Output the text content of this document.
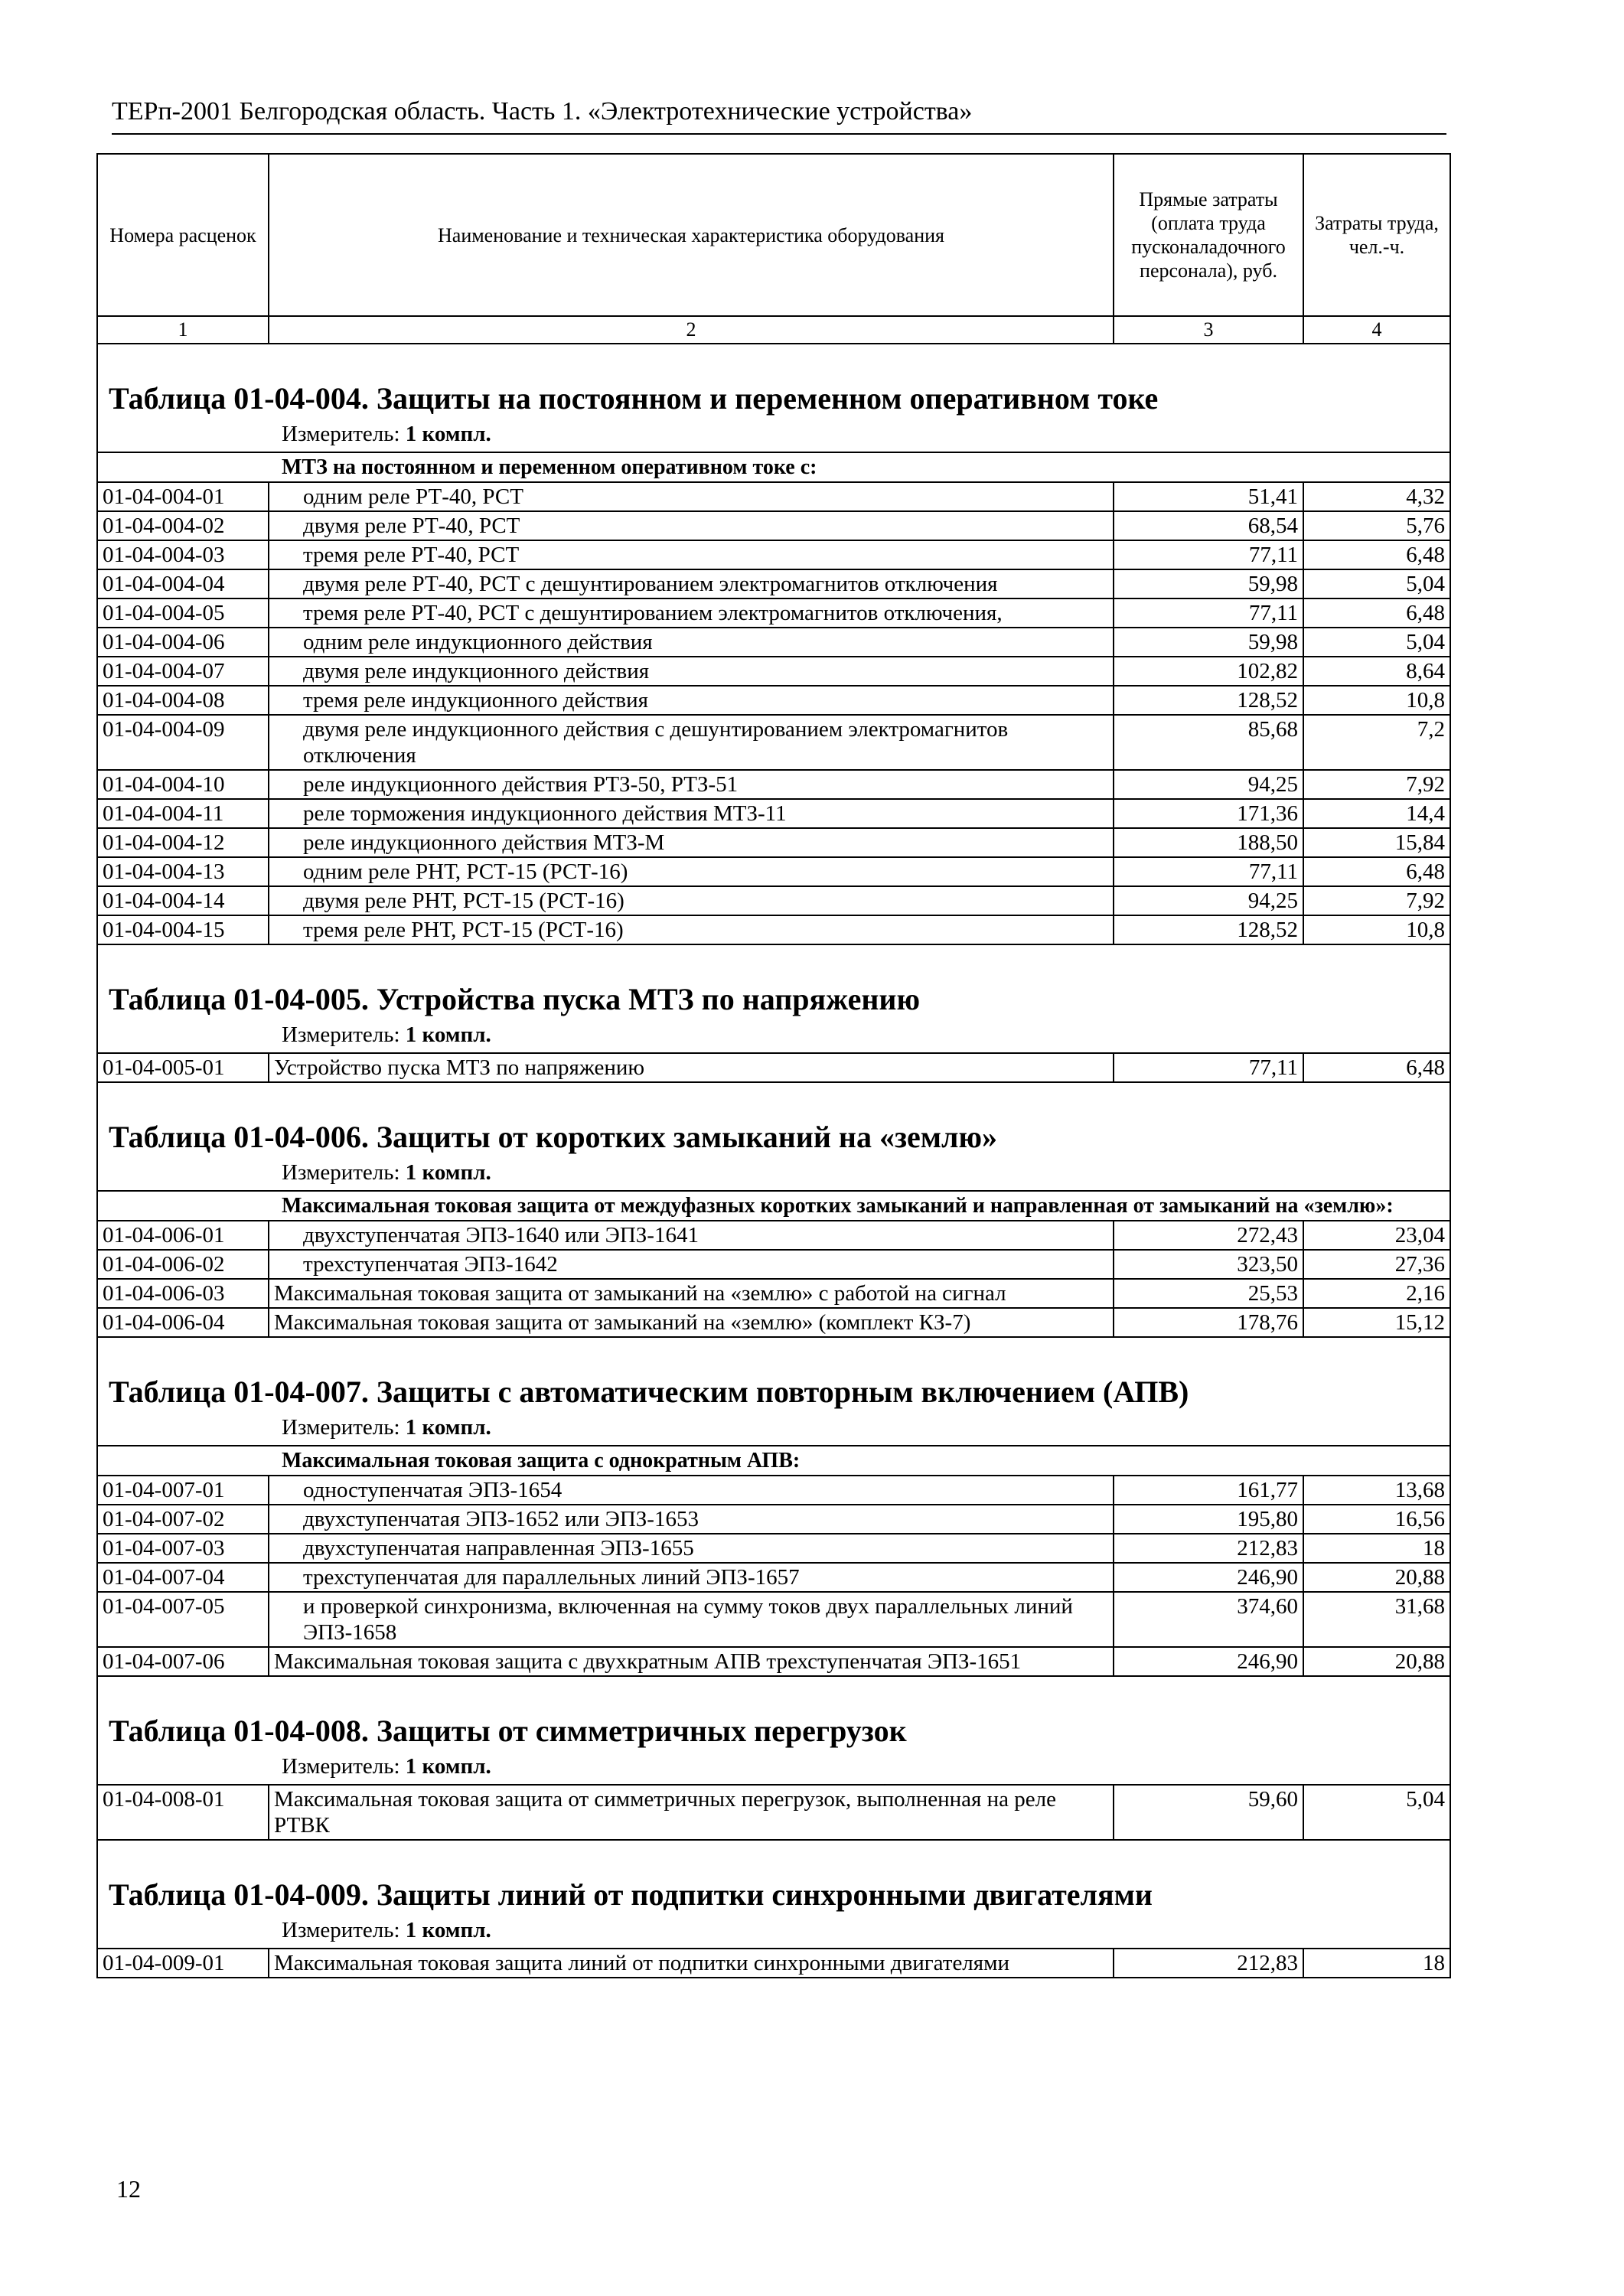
ТЕРп-2001 Белгородская область. Часть 1. «Электротехнические устройства»
Номера расценок	Наименование и техническая характеристика оборудования	Прямые затраты (оплата труда пусконаладочного персонала), руб.	Затраты труда, чел.-ч.
1	2	3	4
Таблица 01-04-004. Защиты на постоянном и переменном оперативном токе			
Измеритель: 1 компл.			
МТЗ на постоянном и переменном оперативном токе с:			
01-04-004-01	одним реле РТ-40, РСТ	51,41	4,32
01-04-004-02	двумя реле РТ-40, РСТ	68,54	5,76
01-04-004-03	тремя реле РТ-40, РСТ	77,11	6,48
01-04-004-04	двумя реле РТ-40, РСТ с дешунтированием электромагнитов отключения	59,98	5,04
01-04-004-05	тремя реле РТ-40, РСТ с дешунтированием электромагнитов отключения,	77,11	6,48
01-04-004-06	одним реле индукционного действия	59,98	5,04
01-04-004-07	двумя реле индукционного действия	102,82	8,64
01-04-004-08	тремя реле индукционного действия	128,52	10,8
01-04-004-09	двумя реле индукционного действия с дешунтированием электромагнитов отключения	85,68	7,2
01-04-004-10	реле индукционного действия РТЗ-50, РТЗ-51	94,25	7,92
01-04-004-11	реле торможения индукционного действия МТЗ-11	171,36	14,4
01-04-004-12	реле индукционного действия МТЗ-М	188,50	15,84
01-04-004-13	одним реле РНТ, РСТ-15 (РСТ-16)	77,11	6,48
01-04-004-14	двумя реле РНТ, РСТ-15 (РСТ-16)	94,25	7,92
01-04-004-15	тремя реле РНТ, РСТ-15 (РСТ-16)	128,52	10,8
Таблица 01-04-005. Устройства пуска МТЗ по напряжению			
Измеритель: 1 компл.			
01-04-005-01	Устройство пуска МТЗ по напряжению	77,11	6,48
Таблица 01-04-006. Защиты от коротких замыканий на «землю»			
Измеритель: 1 компл.			
Максимальная токовая защита от междуфазных коротких замыканий и направленная от замыканий на «землю»:			
01-04-006-01	двухступенчатая ЭПЗ-1640 или ЭПЗ-1641	272,43	23,04
01-04-006-02	трехступенчатая ЭПЗ-1642	323,50	27,36
01-04-006-03	Максимальная токовая защита от замыканий на «землю» с работой на сигнал	25,53	2,16
01-04-006-04	Максимальная токовая защита от замыканий на «землю» (комплект КЗ-7)	178,76	15,12
Таблица 01-04-007. Защиты с автоматическим повторным включением (АПВ)			
Измеритель: 1 компл.			
Максимальная токовая защита с однократным АПВ:			
01-04-007-01	одноступенчатая ЭПЗ-1654	161,77	13,68
01-04-007-02	двухступенчатая ЭПЗ-1652 или ЭПЗ-1653	195,80	16,56
01-04-007-03	двухступенчатая направленная ЭПЗ-1655	212,83	18
01-04-007-04	трехступенчатая для параллельных линий ЭПЗ-1657	246,90	20,88
01-04-007-05	и проверкой синхронизма, включенная на сумму токов двух параллельных линий ЭПЗ-1658	374,60	31,68
01-04-007-06	Максимальная токовая защита с двухкратным АПВ трехступенчатая ЭПЗ-1651	246,90	20,88
Таблица 01-04-008. Защиты от симметричных перегрузок			
Измеритель: 1 компл.			
01-04-008-01	Максимальная токовая защита от симметричных перегрузок, выполненная на реле РТВК	59,60	5,04
Таблица 01-04-009. Защиты линий от подпитки синхронными двигателями			
Измеритель: 1 компл.			
01-04-009-01	Максимальная токовая защита линий от подпитки синхронными двигателями	212,83	18
12
